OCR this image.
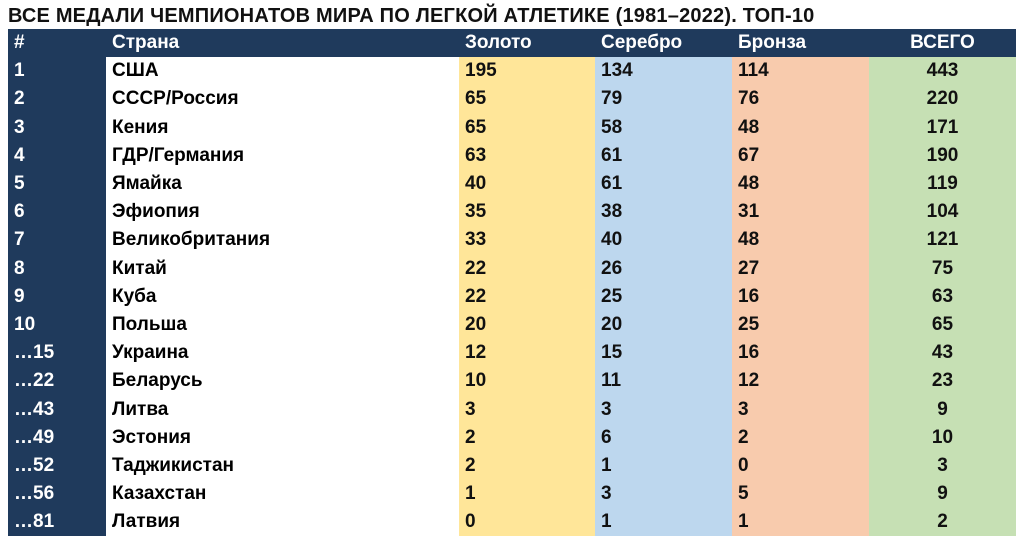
ВСЕ МЕДАЛИ ЧЕМПИОНАТОВ МИРА ПО ЛЕГКОЙ АТЛЕТИКЕ (1981–2022). ТОП-10
#	Страна	Золото	Серебро	Бронза	ВСЕГО
1	США	195	134	114	443
2	СССР/Россия	65	79	76	220
3	Кения	65	58	48	171
4	ГДР/Германия	63	61	67	190
5	Ямайка	40	61	48	119
6	Эфиопия	35	38	31	104
7	Великобритания	33	40	48	121
8	Китай	22	26	27	75
9	Куба	22	25	16	63
10	Польша	20	20	25	65
…15	Украина	12	15	16	43
…22	Беларусь	10	11	12	23
…43	Литва	3	3	3	9
…49	Эстония	2	6	2	10
…52	Таджикистан	2	1	0	3
…56	Казахстан	1	3	5	9
…81	Латвия	0	1	1	2
